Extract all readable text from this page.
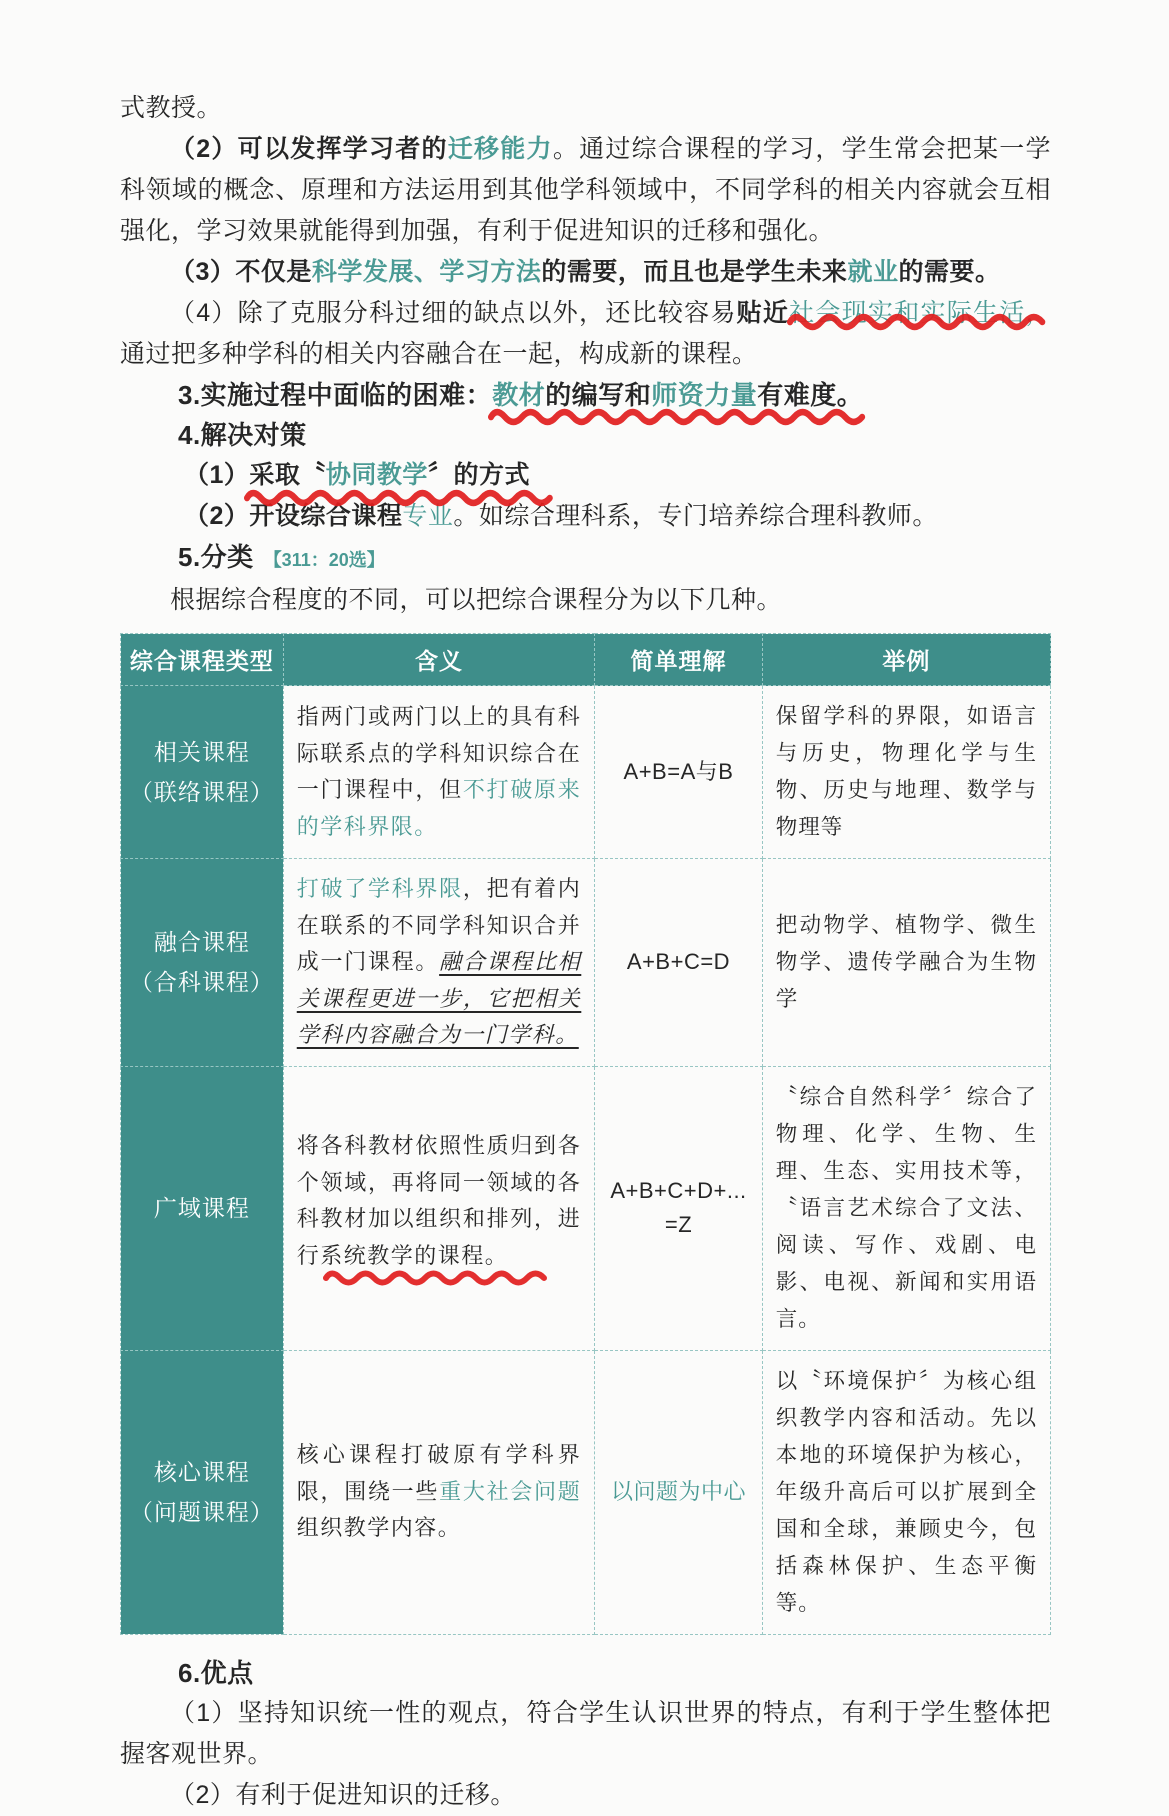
式教授。

（2）可以发挥学习者的迁移能力。通过综合课程的学习，学生常会把某一学科领域的概念、原理和方法运用到其他学科领域中，不同学科的相关内容就会互相强化，学习效果就能得到加强，有利于促进知识的迁移和强化。

（3）不仅是科学发展、学习方法的需要，而且也是学生未来就业的需要。

（4）除了克服分科过细的缺点以外，还比较容易贴近社会现实和实际生活，
通过把多种学科的相关内容融合在一起，构成新的课程。

3.实施过程中面临的困难：教材的编写和师资力量有难度。

4.解决对策

（1）采取〝协同教学〞的方式

（2）开设综合课程专业。如综合理科系，专门培养综合理科教师。

5.分类 【311：20选】

根据综合程度的不同，可以把综合课程分为以下几种。

综合课程类型	含义	简单理解	举例

相关课程
（联络课程）	指两门或两门以上的具有科际联系点的学科知识综合在一门课程中，但不打破原来的学科界限。	A+B=A与B	保留学科的界限，如语言与历史，物理化学与生物、历史与地理、数学与物理等

融合课程
（合科课程）	打破了学科界限，把有着内在联系的不同学科知识合并成一门课程。融合课程比相关课程更进一步，它把相关学科内容融合为一门学科。	A+B+C=D	把动物学、植物学、微生物学、遗传学融合为生物学

广域课程	将各科教材依照性质归到各个领域，再将同一领域的各科教材加以组织和排列，进行系统教学的课程。	A+B+C+D+...
=Z	〝综合自然科学〞综合了物理、化学、生物、生理、生态、实用技术等，〝语言艺术综合了文法、阅读、写作、戏剧、电影、电视、新闻和实用语言。

核心课程
（问题课程）	核心课程打破原有学科界限，围绕一些重大社会问题组织教学内容。	以问题为中心	以〝环境保护〞为核心组织教学内容和活动。先以本地的环境保护为核心，年级升高后可以扩展到全国和全球，兼顾史今，包括森林保护、生态平衡等。

6.优点

（1）坚持知识统一性的观点，符合学生认识世界的特点，有利于学生整体把握客观世界。

（2）有利于促进知识的迁移。
